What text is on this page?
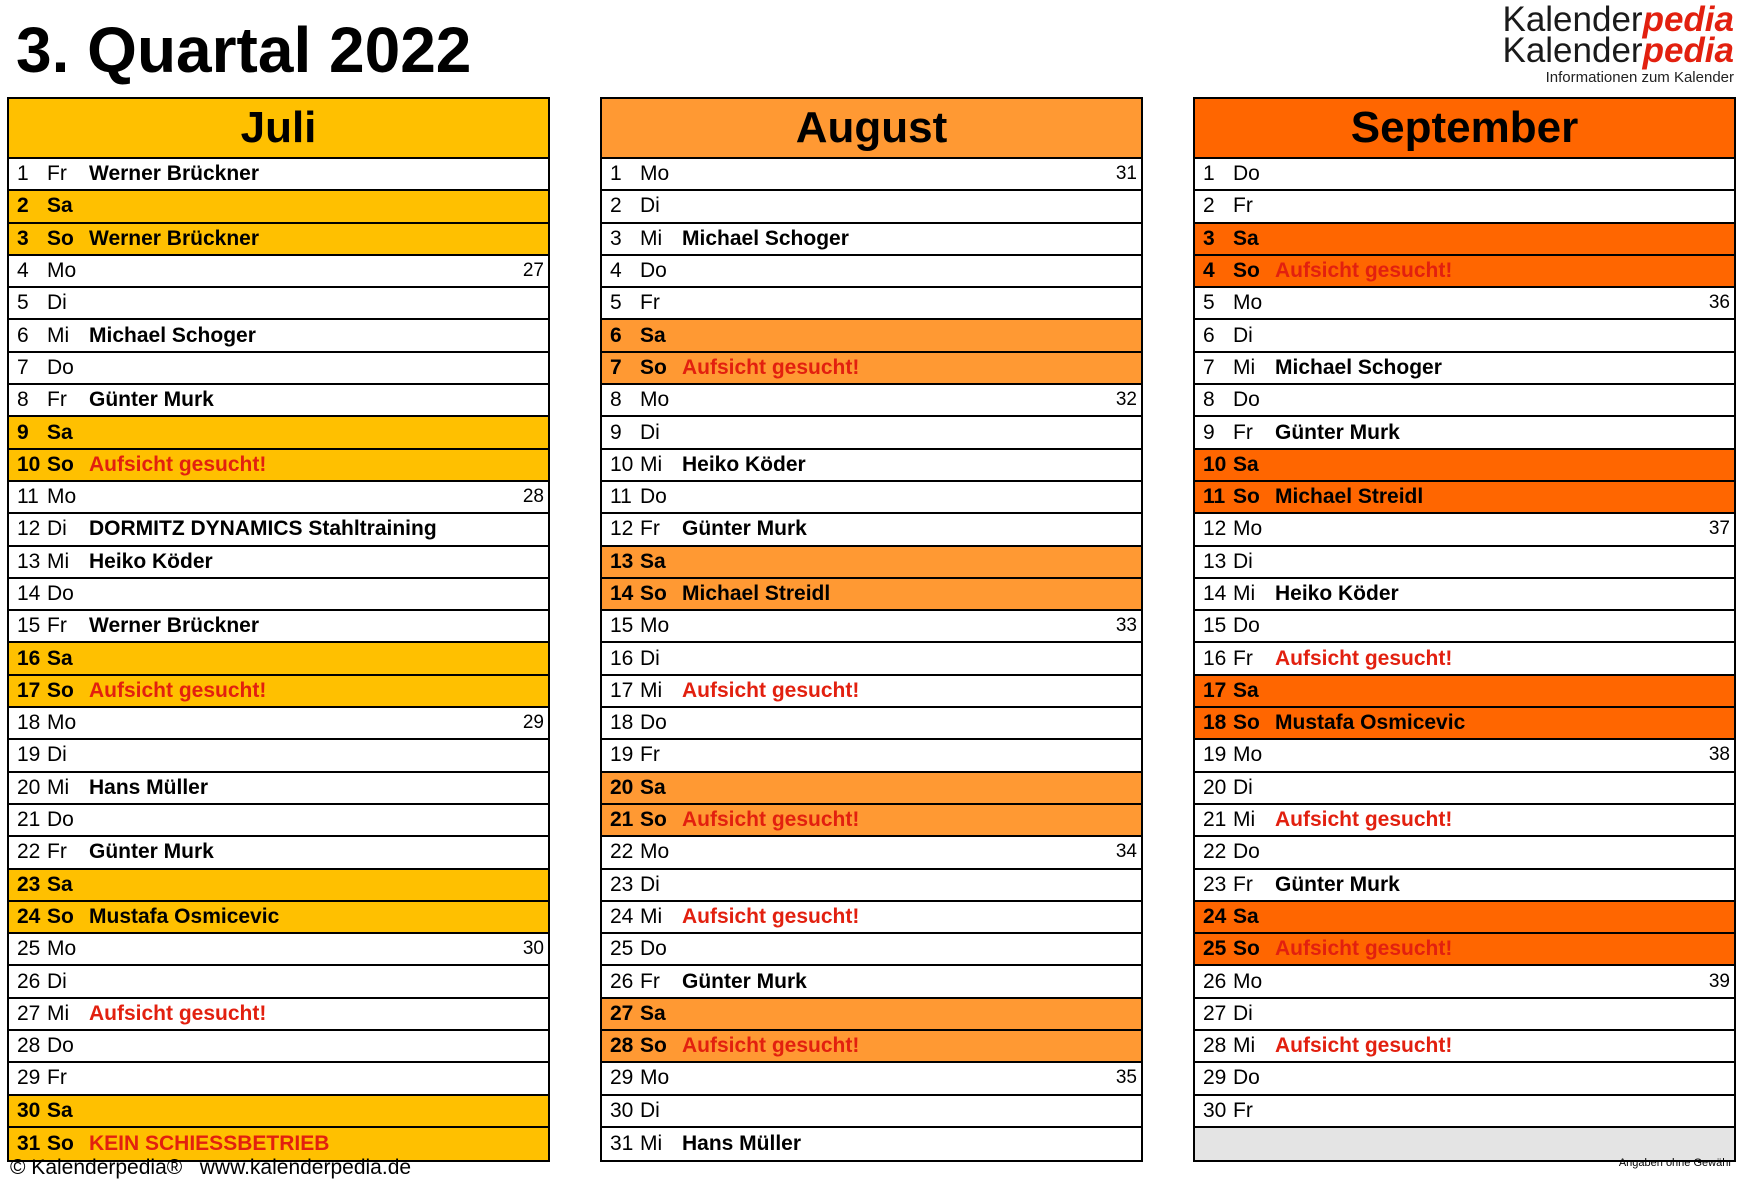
3. Quartal 2022	Kalenderpedia
Kalenderpedia
Informationen zum Kalender
Juli
1 Fr	Werner Brückner
2 Sa
3 So Werner Brückner
4 Mo	27
5 Di
6 Mi Michael Schoger
7 Do
8 Fr	Günter Murk
9 Sa
10 So Aufsicht gesucht!
11 Mo	28
12 Di	DORMITZ DYNAMICS Stahltraining
13 Mi Heiko Köder
14 Do
15 Fr	Werner Brückner
16 Sa
17 So Aufsicht gesucht!
18 Mo	29
19 Di
20 Mi Hans Müller
21 Do
22 Fr	Günter Murk
23 Sa
24 So Mustafa Osmicevic
25 Mo	30
26 Di
27 Mi Aufsicht gesucht!
28 Do
29 Fr
30 Sa
31 So KEIN SCHIESSBETRIEB
August
1 Mo	31
2 Di
3 Mi Michael Schoger
4 Do
5 Fr
6 Sa
7 So Aufsicht gesucht!
8 Mo	32
9 Di
10 Mi Heiko Köder
11 Do
12 Fr	Günter Murk
13 Sa
14 So Michael Streidl
15 Mo	33
16 Di
17 Mi Aufsicht gesucht!
18 Do
19 Fr
20 Sa
21 So Aufsicht gesucht!
22 Mo	34
23 Di
24 Mi Aufsicht gesucht!
25 Do
26 Fr	Günter Murk
27 Sa
28 So Aufsicht gesucht!
29 Mo	35
30 Di
31 Mi Hans Müller
September
1 Do
2 Fr
3 Sa
4 So Aufsicht gesucht!
5 Mo	36
6 Di
7 Mi Michael Schoger
8 Do
9 Fr	Günter Murk
10 Sa
11 So Michael Streidl
12 Mo	37
13 Di
14 Mi Heiko Köder
15 Do
16 Fr	Aufsicht gesucht!
17 Sa
18 So Mustafa Osmicevic
19 Mo	38
20 Di
21 Mi Aufsicht gesucht!
22 Do
23 Fr	Günter Murk
24 Sa
25 So Aufsicht gesucht!
26 Mo	39
27 Di
28 Mi Aufsicht gesucht!
29 Do
30 Fr
© Kalenderpedia® www.kalenderpedia.de	Angaben ohne Gewähr
